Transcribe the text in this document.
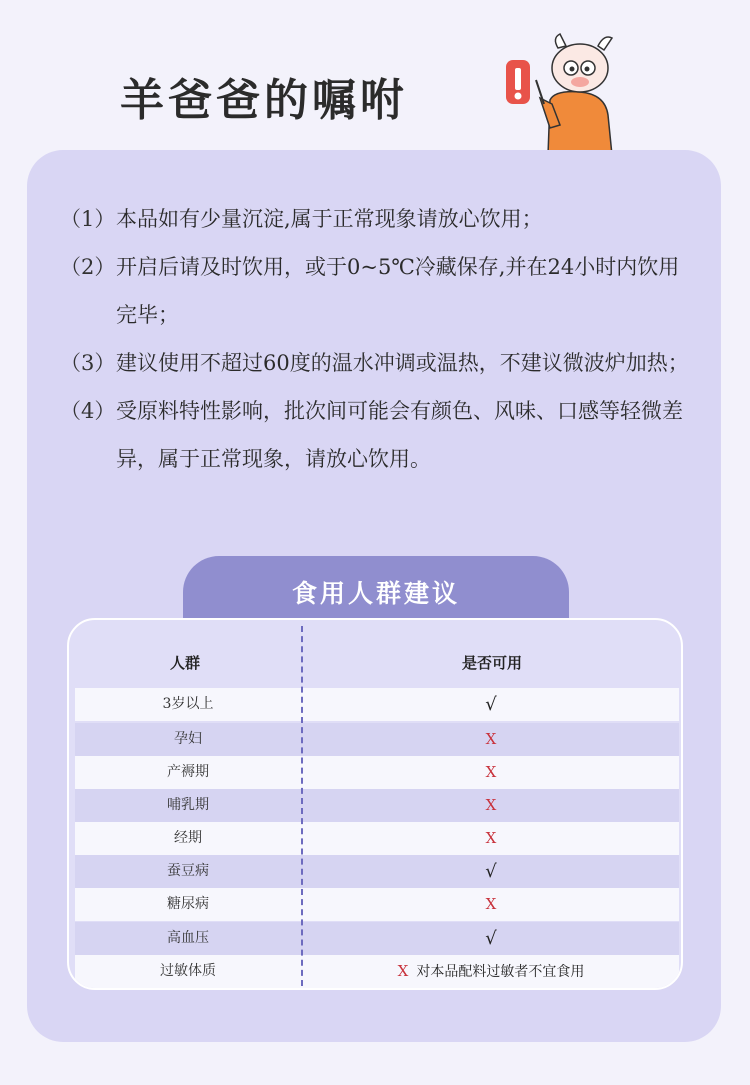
羊爸爸的嘱咐
（1） 本品如有少量沉淀,属于正常现象请放心饮用；
（2） 开启后请及时饮用，或于0~5℃冷藏保存,并在24小时内饮用完毕；
（3） 建议使用不超过60度的温水冲调或温热，不建议微波炉加热；
（4） 受原料特性影响，批次间可能会有颜色、风味、口感等轻微差异，属于正常现象，请放心饮用。
食用人群建议
人群	是否可用
3岁以上	√
孕妇	X
产褥期	X
哺乳期	X
经期	X
蚕豆病	√
糖尿病	X
高血压	√
过敏体质	X 对本品配料过敏者不宜食用
